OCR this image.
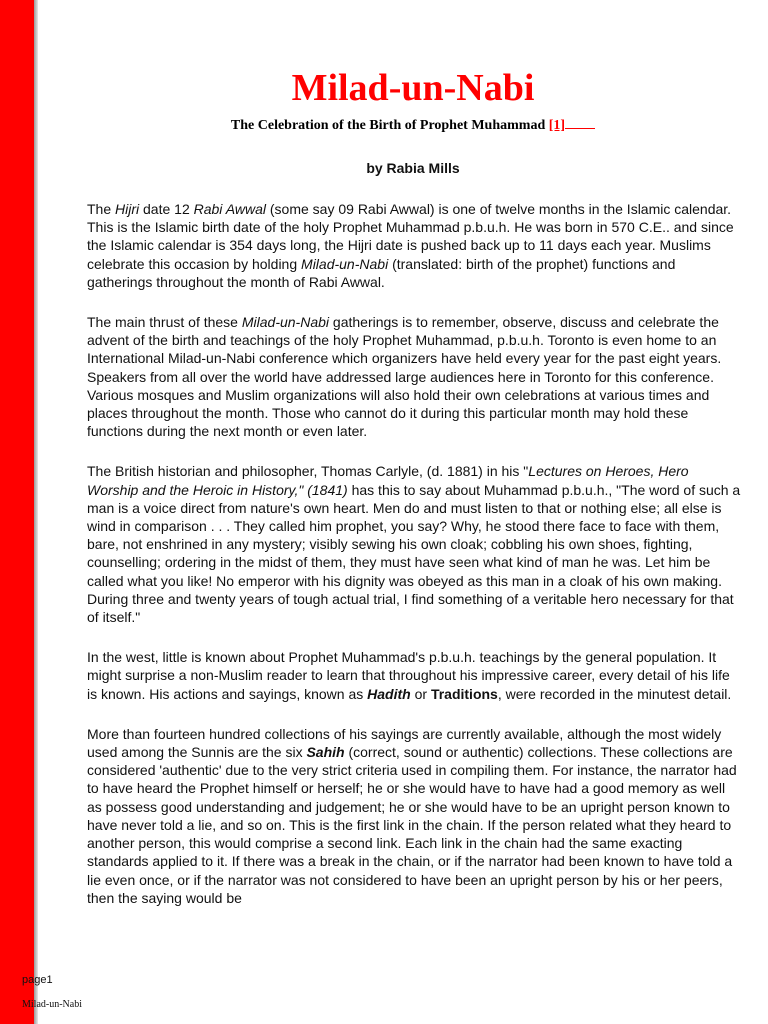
Milad-un-Nabi
The Celebration of the Birth of Prophet Muhammad [1]
by Rabia Mills

The Hijri date 12 Rabi Awwal (some say 09 Rabi Awwal) is one of twelve months in the Islamic calendar. This is the Islamic birth date of the holy Prophet Muhammad p.b.u.h. He was born in 570 C.E.. and since the Islamic calendar is 354 days long, the Hijri date is pushed back up to 11 days each year. Muslims celebrate this occasion by holding Milad-un-Nabi (translated: birth of the prophet) functions and gatherings throughout the month of Rabi Awwal.

The main thrust of these Milad-un-Nabi gatherings is to remember, observe, discuss and celebrate the advent of the birth and teachings of the holy Prophet Muhammad, p.b.u.h. Toronto is even home to an International Milad-un-Nabi conference which organizers have held every year for the past eight years. Speakers from all over the world have addressed large audiences here in Toronto for this conference. Various mosques and Muslim organizations will also hold their own celebrations at various times and places throughout the month. Those who cannot do it during this particular month may hold these functions during the next month or even later.

The British historian and philosopher, Thomas Carlyle, (d. 1881) in his "Lectures on Heroes, Hero Worship and the Heroic in History," (1841) has this to say about Muhammad p.b.u.h., "The word of such a man is a voice direct from nature's own heart. Men do and must listen to that or nothing else; all else is wind in comparison . . . They called him prophet, you say? Why, he stood there face to face with them, bare, not enshrined in any mystery; visibly sewing his own cloak; cobbling his own shoes, fighting, counselling; ordering in the midst of them, they must have seen what kind of man he was. Let him be called what you like! No emperor with his dignity was obeyed as this man in a cloak of his own making. During three and twenty years of tough actual trial, I find something of a veritable hero necessary for that of itself."

In the west, little is known about Prophet Muhammad's p.b.u.h. teachings by the general population. It might surprise a non-Muslim reader to learn that throughout his impressive career, every detail of his life is known. His actions and sayings, known as Hadith or Traditions, were recorded in the minutest detail.

More than fourteen hundred collections of his sayings are currently available, although the most widely used among the Sunnis are the six Sahih (correct, sound or authentic) collections. These collections are considered 'authentic' due to the very strict criteria used in compiling them. For instance, the narrator had to have heard the Prophet himself or herself; he or she would have to have had a good memory as well as possess good understanding and judgement; he or she would have to be an upright person known to have never told a lie, and so on. This is the first link in the chain. If the person related what they heard to another person, this would comprise a second link. Each link in the chain had the same exacting standards applied to it. If there was a break in the chain, or if the narrator had been known to have told a lie even once, or if the narrator was not considered to have been an upright person by his or her peers, then the saying would be

page1
Milad-un-Nabi
